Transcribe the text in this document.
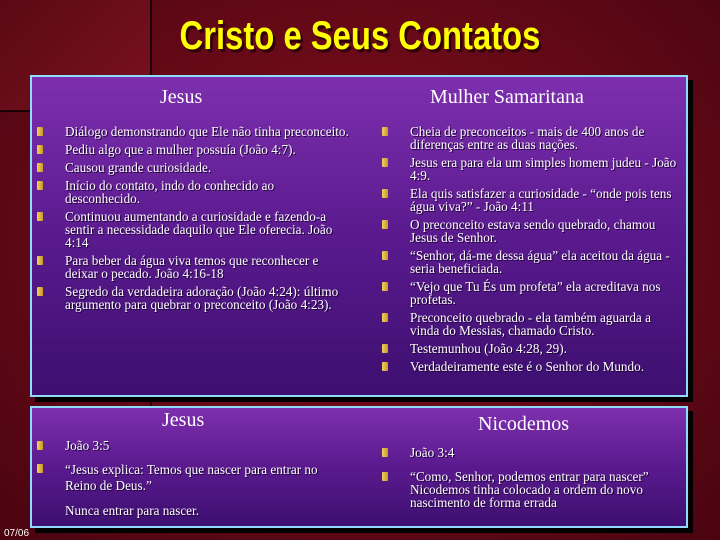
Cristo e Seus Contatos
Jesus	Mulher Samaritana
Diálogo demonstrando que Ele não tinha preconceito.
Pediu algo que a mulher possuía (João 4:7).
Causou grande curiosidade.
Início do contato, indo do conhecido ao desconhecido.
Continuou aumentando a curiosidade e fazendo-a sentir a necessidade daquilo que Ele oferecia. João 4:14
Para beber da água viva temos que reconhecer e deixar o pecado. João 4:16-18
Segredo da verdadeira adoração (João 4:24): último argumento para quebrar o preconceito (João 4:23).
Cheia de preconceitos - mais de 400 anos de diferenças entre as duas nações.
Jesus era para ela um simples homem judeu - João 4:9.
Ela quis satisfazer a curiosidade - “onde pois tens água viva?” - João 4:11
O preconceito estava sendo quebrado, chamou Jesus de Senhor.
“Senhor, dá-me dessa água” ela aceitou da água - seria beneficiada.
“Vejo que Tu És um profeta” ela acreditava nos profetas.
Preconceito quebrado - ela também aguarda a vinda do Messias, chamado Cristo.
Testemunhou (João 4:28, 29).
Verdadeiramente este é o Senhor do Mundo.
Jesus	Nicodemos
João 3:5
“Jesus explica: Temos que nascer para entrar no Reino de Deus.”
Nunca entrar para nascer.
João 3:4
“Como, Senhor, podemos entrar para nascer” Nicodemos tinha colocado a ordem do novo nascimento de forma errada
07/06
